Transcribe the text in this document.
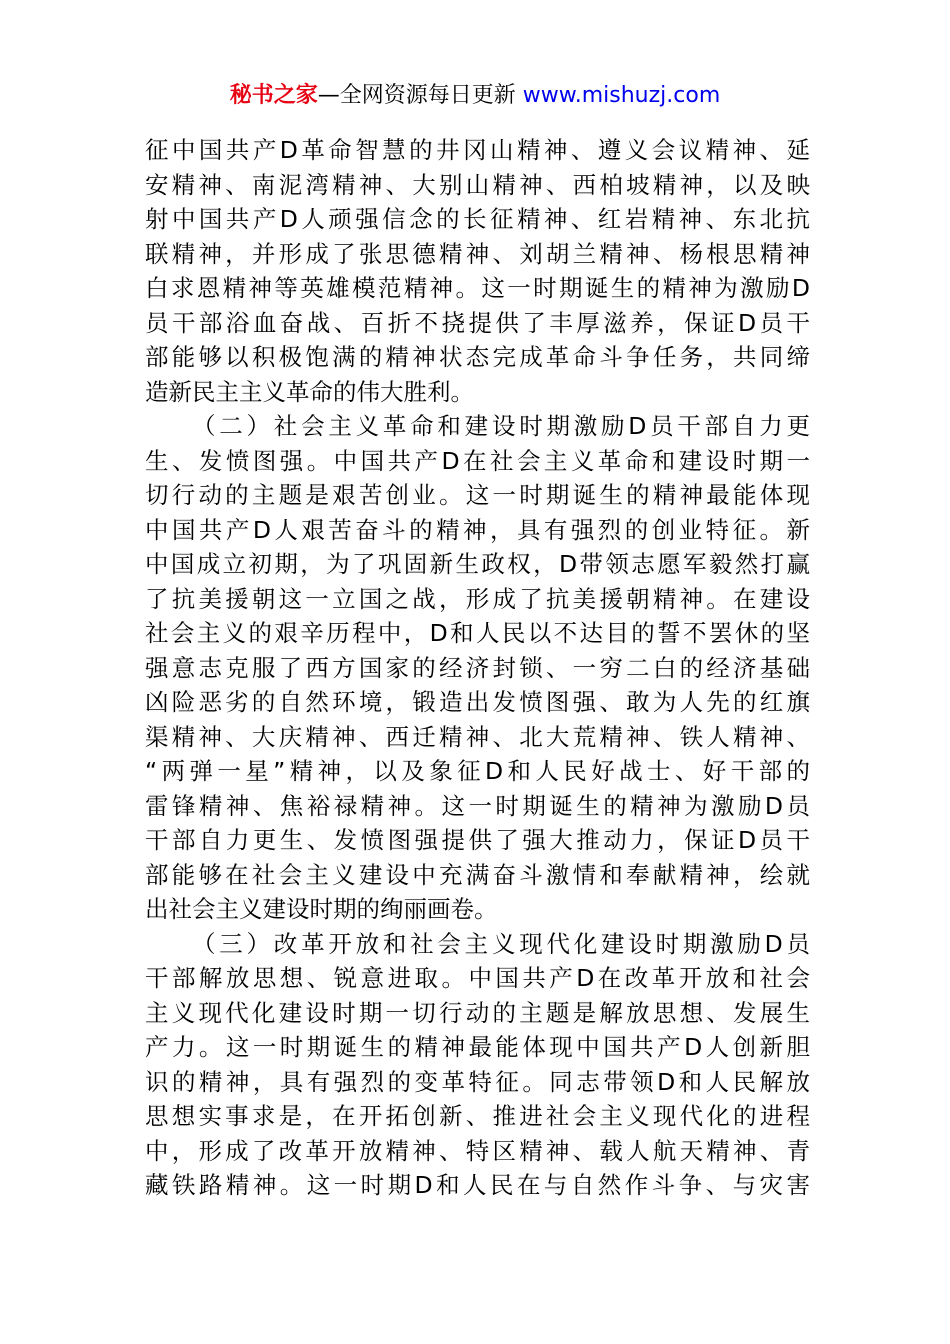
秘书之家—全网资源每日更新 www.mishuzj.com
征中国共产D革命智慧的井冈山精神、遵义会议精神、延
安精神、南泥湾精神、大别山精神、西柏坡精神，以及映
射中国共产D人顽强信念的长征精神、红岩精神、东北抗
联精神，并形成了张思德精神、刘胡兰精神、杨根思精神
白求恩精神等英雄模范精神。这一时期诞生的精神为激励D
员干部浴血奋战、百折不挠提供了丰厚滋养，保证D员干
部能够以积极饱满的精神状态完成革命斗争任务，共同缔
造新民主主义革命的伟大胜利。
（二）社会主义革命和建设时期激励D员干部自力更
生、发愤图强。中国共产D在社会主义革命和建设时期一
切行动的主题是艰苦创业。这一时期诞生的精神最能体现
中国共产D人艰苦奋斗的精神，具有强烈的创业特征。新
中国成立初期，为了巩固新生政权，D带领志愿军毅然打赢
了抗美援朝这一立国之战，形成了抗美援朝精神。在建设
社会主义的艰辛历程中，D和人民以不达目的誓不罢休的坚
强意志克服了西方国家的经济封锁、一穷二白的经济基础
凶险恶劣的自然环境，锻造出发愤图强、敢为人先的红旗
渠精神、大庆精神、西迁精神、北大荒精神、铁人精神、
“两弹一星”精神，以及象征D和人民好战士、好干部的
雷锋精神、焦裕禄精神。这一时期诞生的精神为激励D员
干部自力更生、发愤图强提供了强大推动力，保证D员干
部能够在社会主义建设中充满奋斗激情和奉献精神，绘就
出社会主义建设时期的绚丽画卷。
（三）改革开放和社会主义现代化建设时期激励D员
干部解放思想、锐意进取。中国共产D在改革开放和社会
主义现代化建设时期一切行动的主题是解放思想、发展生
产力。这一时期诞生的精神最能体现中国共产D人创新胆
识的精神，具有强烈的变革特征。同志带领D和人民解放
思想实事求是，在开拓创新、推进社会主义现代化的进程
中，形成了改革开放精神、特区精神、载人航天精神、青
藏铁路精神。这一时期D和人民在与自然作斗争、与灾害
